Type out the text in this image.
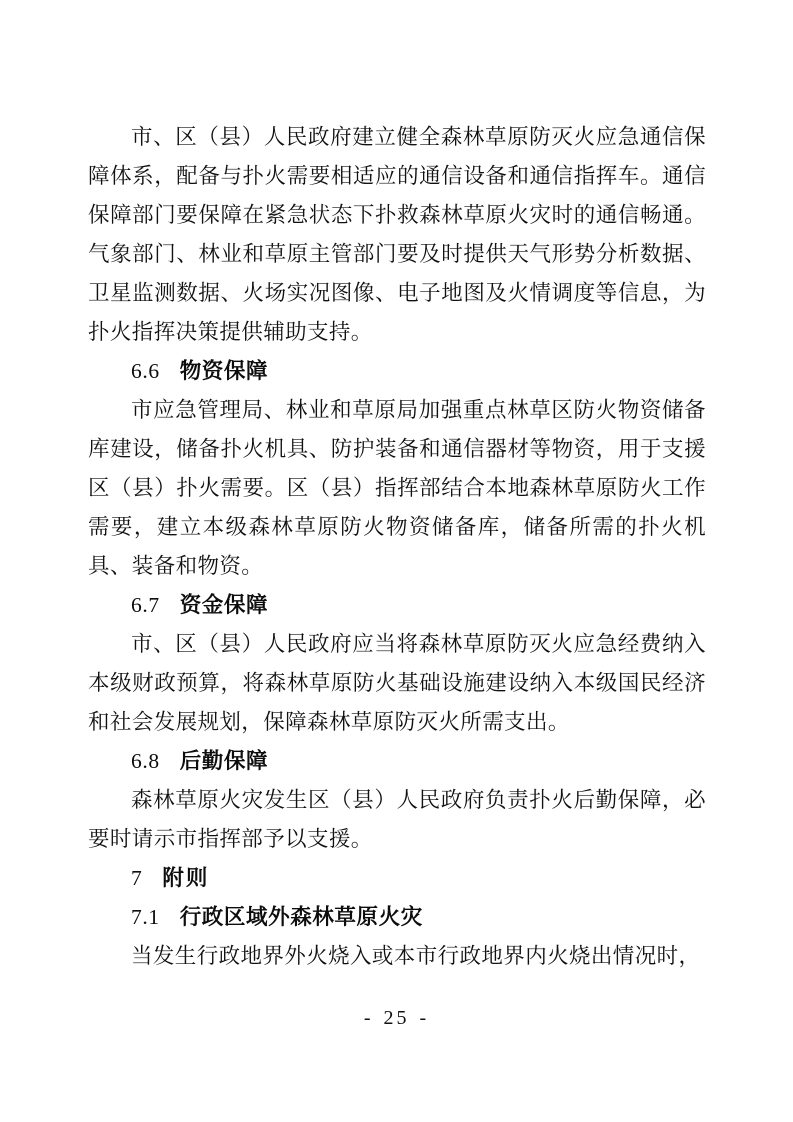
市、区（县）人民政府建立健全森林草原防灭火应急通信保障体系，配备与扑火需要相适应的通信设备和通信指挥车。通信保障部门要保障在紧急状态下扑救森林草原火灾时的通信畅通。气象部门、林业和草原主管部门要及时提供天气形势分析数据、卫星监测数据、火场实况图像、电子地图及火情调度等信息，为扑火指挥决策提供辅助支持。

6.6 物资保障

市应急管理局、林业和草原局加强重点林草区防火物资储备库建设，储备扑火机具、防护装备和通信器材等物资，用于支援区（县）扑火需要。区（县）指挥部结合本地森林草原防火工作需要，建立本级森林草原防火物资储备库，储备所需的扑火机具、装备和物资。

6.7 资金保障

市、区（县）人民政府应当将森林草原防灭火应急经费纳入本级财政预算，将森林草原防火基础设施建设纳入本级国民经济和社会发展规划，保障森林草原防灭火所需支出。

6.8 后勤保障

森林草原火灾发生区（县）人民政府负责扑火后勤保障，必要时请示市指挥部予以支援。

7 附则

7.1 行政区域外森林草原火灾

当发生行政地界外火烧入或本市行政地界内火烧出情况时，

- 25 -
